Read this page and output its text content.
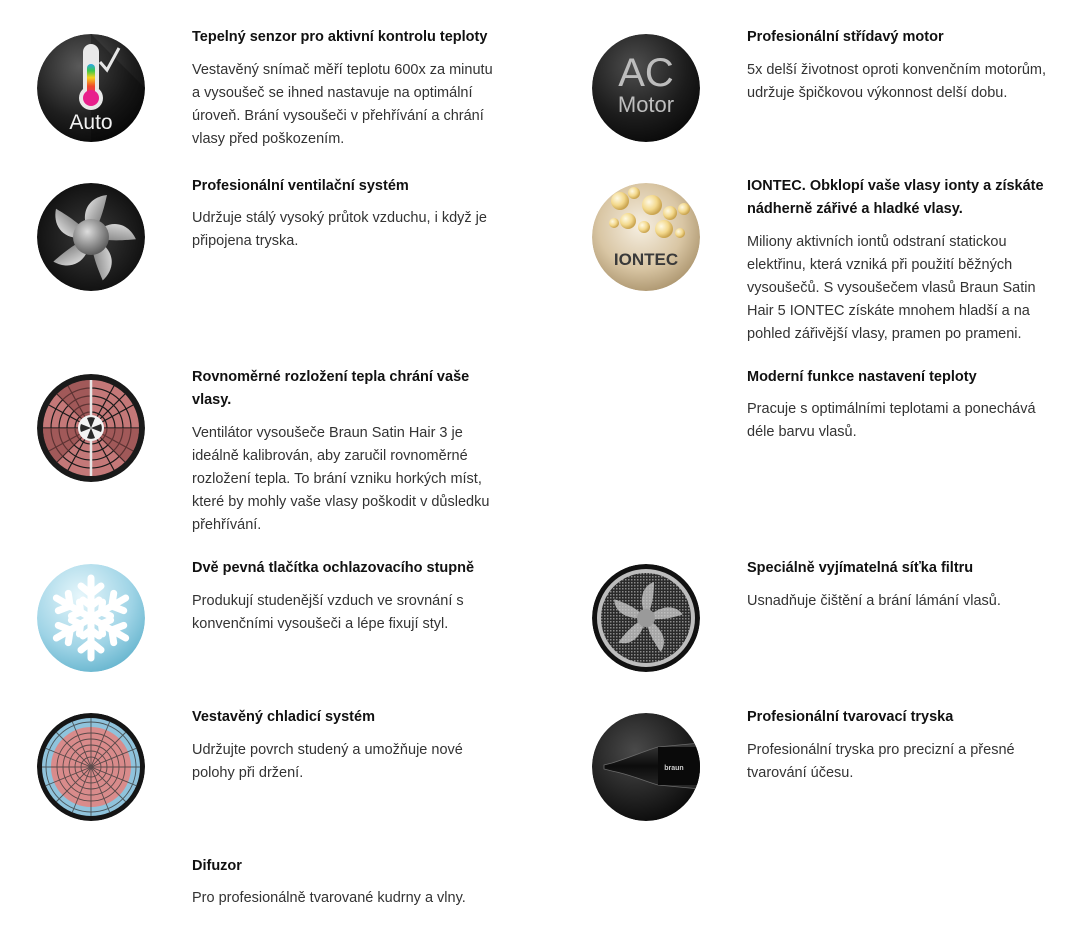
Auto
Tepelný senzor pro aktivní kontrolu teploty
Vestavěný snímač měří teplotu 600x za minutu
a vysoušeč se ihned nastavuje na optimální
úroveň. Brání vysoušeči v přehřívání a chrání
vlasy před poškozením.
AC
Motor
Profesionální střídavý motor
5x delší životnost oproti konvenčním motorům,
udržuje špičkovou výkonnost delší dobu.
Profesionální ventilační systém
Udržuje stálý vysoký průtok vzduchu, i když je
připojena tryska.
IONTEC
IONTEC. Obklopí vaše vlasy ionty a získáte
nádherně zářivé a hladké vlasy.
Miliony aktivních iontů odstraní statickou
elektřinu, která vzniká při použití běžných
vysoušečů. S vysoušečem vlasů Braun Satin
Hair 5 IONTEC získáte mnohem hladší a na
pohled zářivější vlasy, pramen po prameni.
Rovnoměrné rozložení tepla chrání vaše
vlasy.
Ventilátor vysoušeče Braun Satin Hair 3 je
ideálně kalibrován, aby zaručil rovnoměrné
rozložení tepla. To brání vzniku horkých míst,
které by mohly vaše vlasy poškodit v důsledku
přehřívání.
Moderní funkce nastavení teploty
Pracuje s optimálními teplotami a ponechává
déle barvu vlasů.
Dvě pevná tlačítka ochlazovacího stupně
Produkují studenější vzduch ve srovnání s
konvenčními vysoušeči a lépe fixují styl.
Speciálně vyjímatelná síťka filtru
Usnadňuje čištění a brání lámání vlasů.
Vestavěný chladicí systém
Udržujte povrch studený a umožňuje nové
polohy při držení.	braun
Profesionální tvarovací tryska
Profesionální tryska pro precizní a přesné
tvarování účesu.
Difuzor
Pro profesionálně tvarované kudrny a vlny.
